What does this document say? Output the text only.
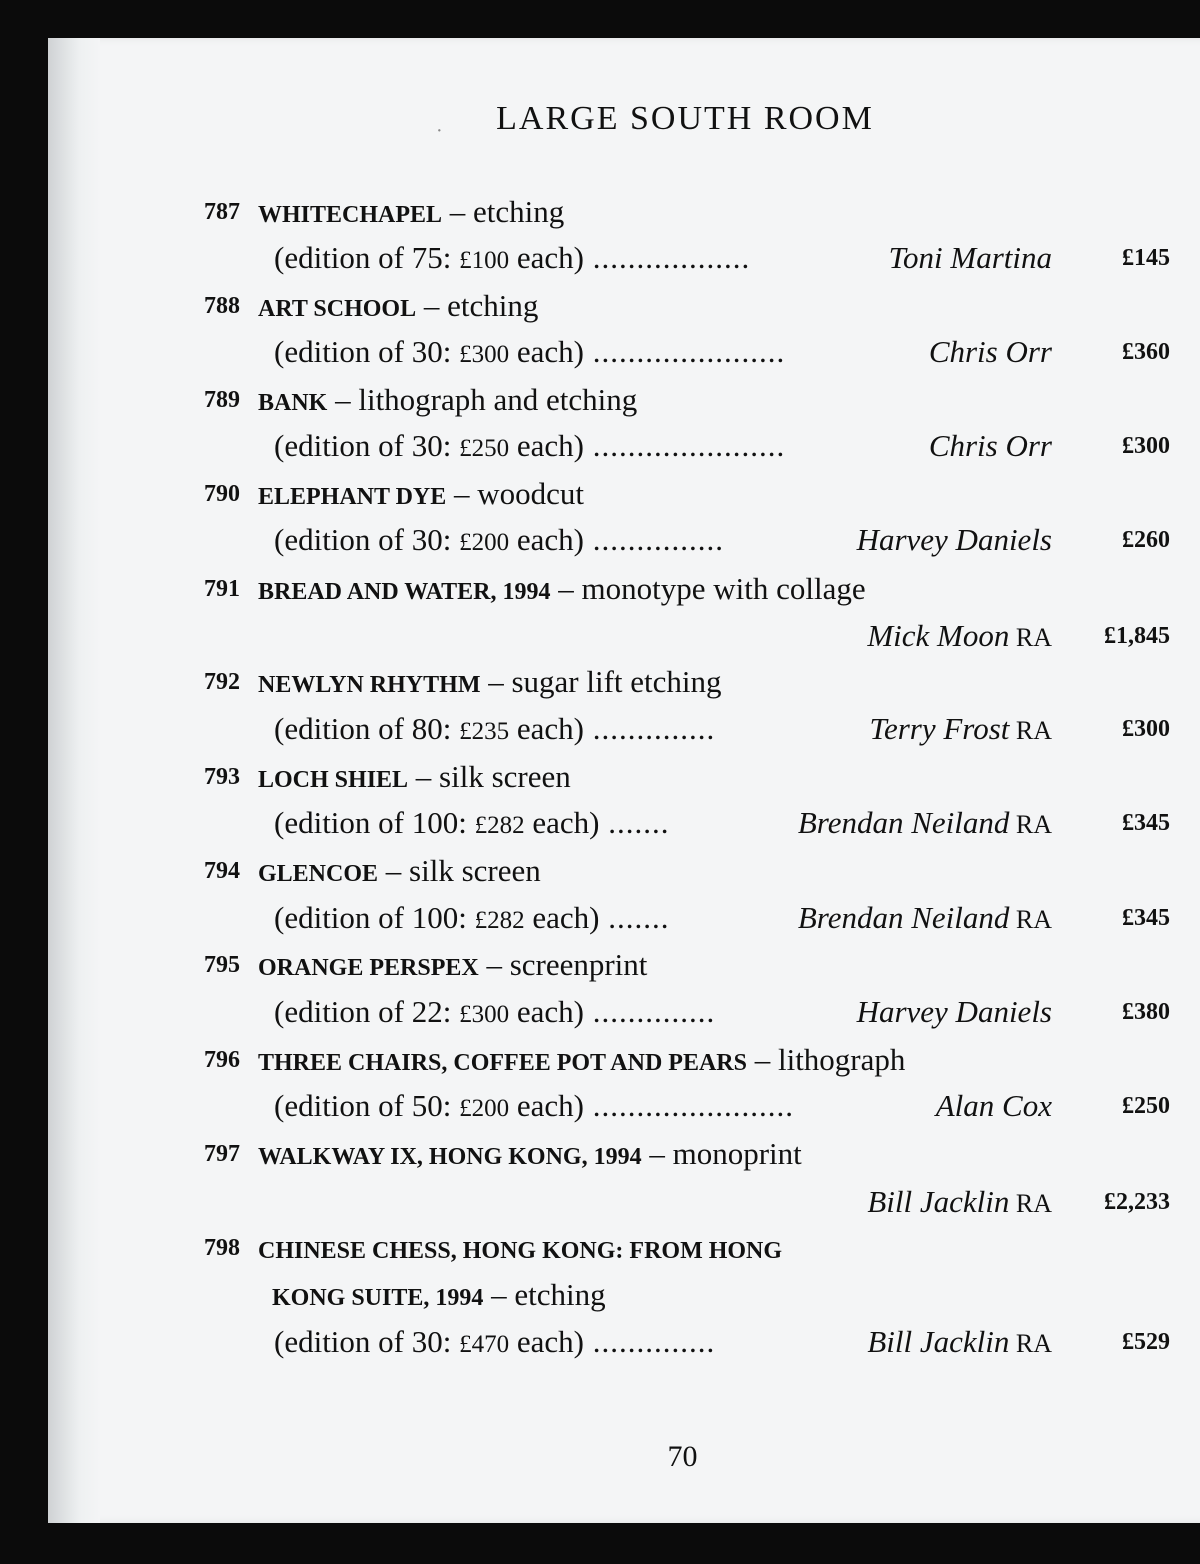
·	LARGE SOUTH ROOM
787 WHITECHAPEL – etching
(edition of 75: £100 each) ..................	Toni Martina	£145
788 ART SCHOOL – etching
(edition of 30: £300 each) ......................	Chris Orr	£360
789 BANK – lithograph and etching
(edition of 30: £250 each) ......................	Chris Orr	£300
790 ELEPHANT DYE – woodcut
(edition of 30: £200 each) ...............	Harvey Daniels	£260
791 BREAD AND WATER, 1994 – monotype with collage
Mick Moon RA £1,845
792 NEWLYN RHYTHM – sugar lift etching
(edition of 80: £235 each) ..............	Terry Frost RA	£300
793 LOCH SHIEL – silk screen
(edition of 100: £282 each) .......	Brendan Neiland RA	£345
794 GLENCOE – silk screen
(edition of 100: £282 each) .......	Brendan Neiland RA	£345
795 ORANGE PERSPEX – screenprint
(edition of 22: £300 each) ..............	Harvey Daniels	£380
796 THREE CHAIRS, COFFEE POT AND PEARS – lithograph
(edition of 50: £200 each) .......................	Alan Cox	£250
797 WALKWAY IX, HONG KONG, 1994 – monoprint
Bill Jacklin RA £2,233
798 CHINESE CHESS, HONG KONG: FROM HONG
KONG SUITE, 1994 – etching
(edition of 30: £470 each) ..............	Bill Jacklin RA	£529
70
